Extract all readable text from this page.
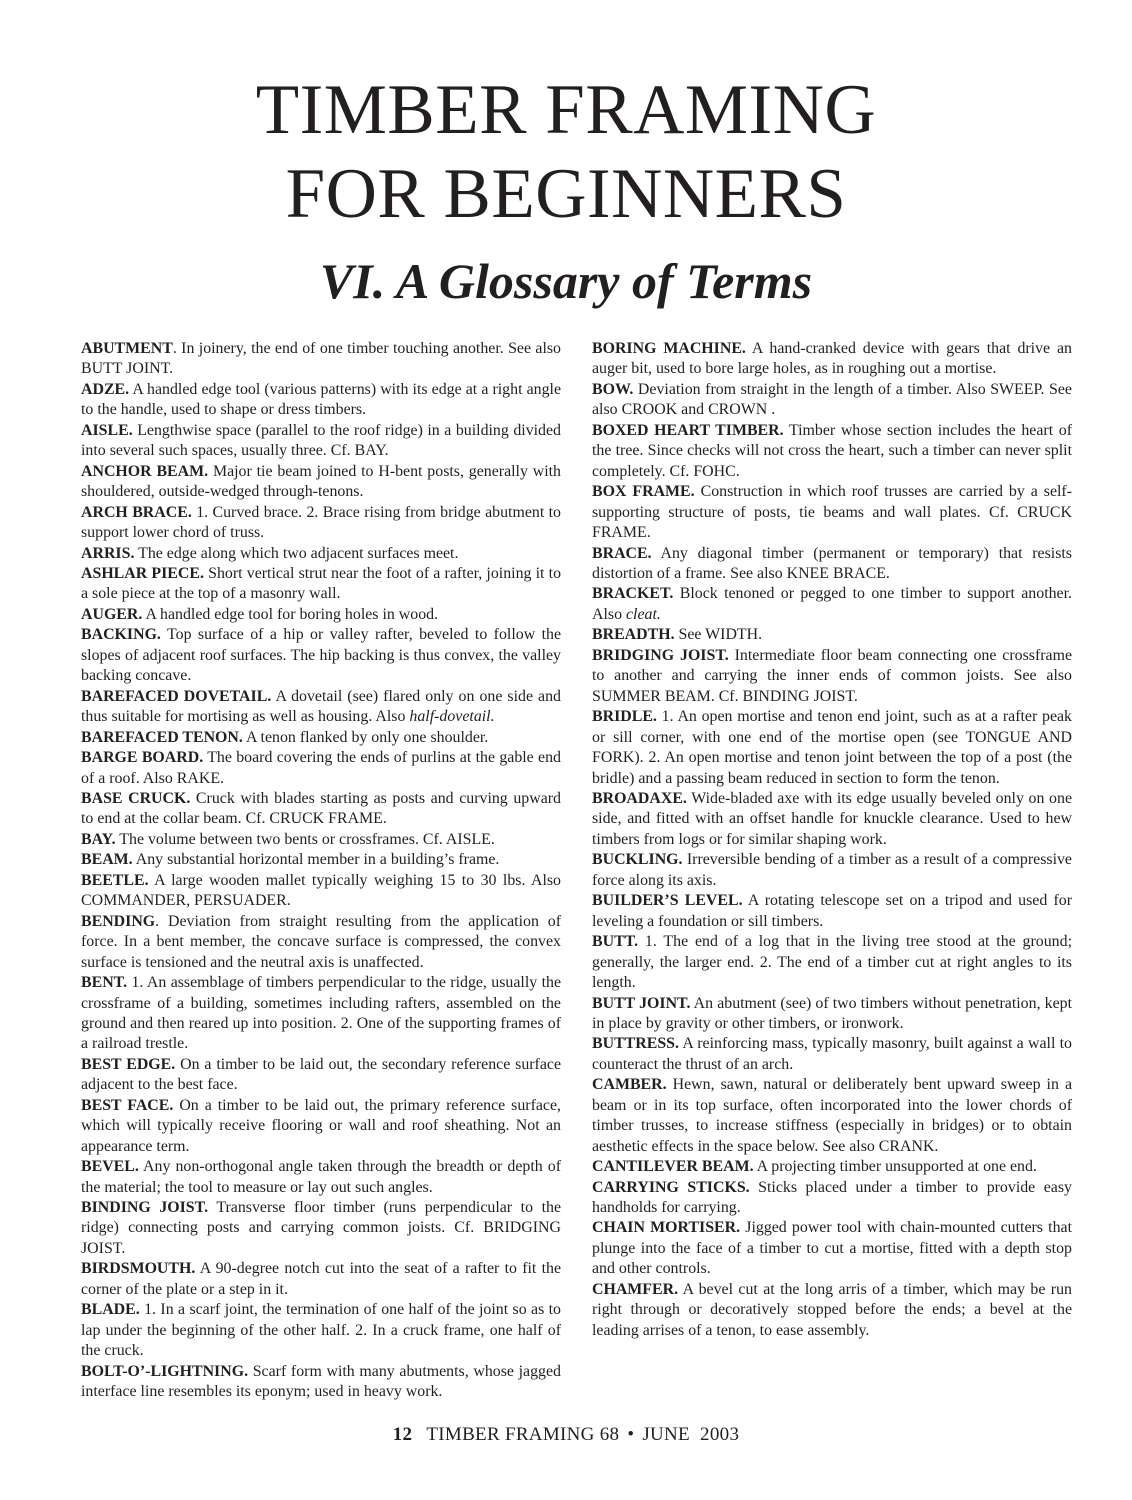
TIMBER FRAMING
FOR BEGINNERS
VI. A Glossary of Terms

ABUTMENT. In joinery, the end of one timber touching another. See also BUTT JOINT.

ADZE. A handled edge tool (various patterns) with its edge at a right angle to the handle, used to shape or dress timbers.

AISLE. Lengthwise space (parallel to the roof ridge) in a building divided into several such spaces, usually three. Cf. BAY.

ANCHOR BEAM. Major tie beam joined to H-bent posts, generally with shouldered, outside-wedged through-tenons.

ARCH BRACE. 1. Curved brace. 2. Brace rising from bridge abutment to support lower chord of truss.

ARRIS. The edge along which two adjacent surfaces meet.

ASHLAR PIECE. Short vertical strut near the foot of a rafter, joining it to a sole piece at the top of a masonry wall.

AUGER. A handled edge tool for boring holes in wood.

BACKING. Top surface of a hip or valley rafter, beveled to follow the slopes of adjacent roof surfaces. The hip backing is thus convex, the valley backing concave.

BAREFACED DOVETAIL. A dovetail (see) flared only on one side and thus suitable for mortising as well as housing. Also half-dovetail.

BAREFACED TENON. A tenon flanked by only one shoulder.

BARGE BOARD. The board covering the ends of purlins at the gable end of a roof. Also RAKE.

BASE CRUCK. Cruck with blades starting as posts and curving upward to end at the collar beam. Cf. CRUCK FRAME.

BAY. The volume between two bents or crossframes. Cf. AISLE.

BEAM. Any substantial horizontal member in a building’s frame.

BEETLE. A large wooden mallet typically weighing 15 to 30 lbs. Also COMMANDER, PERSUADER.

BENDING. Deviation from straight resulting from the application of force. In a bent member, the concave surface is compressed, the convex surface is tensioned and the neutral axis is unaffected.

BENT. 1. An assemblage of timbers perpendicular to the ridge, usually the crossframe of a building, sometimes including rafters, assembled on the ground and then reared up into position. 2. One of the supporting frames of a railroad trestle.

BEST EDGE. On a timber to be laid out, the secondary reference surface adjacent to the best face.

BEST FACE. On a timber to be laid out, the primary reference surface, which will typically receive flooring or wall and roof sheathing. Not an appearance term.

BEVEL. Any non-orthogonal angle taken through the breadth or depth of the material; the tool to measure or lay out such angles.

BINDING JOIST. Transverse floor timber (runs perpendicular to the ridge) connecting posts and carrying common joists. Cf. BRIDGING JOIST.

BIRDSMOUTH. A 90-degree notch cut into the seat of a rafter to fit the corner of the plate or a step in it.

BLADE. 1. In a scarf joint, the termination of one half of the joint so as to lap under the beginning of the other half. 2. In a cruck frame, one half of the cruck.

BOLT-O’-LIGHTNING. Scarf form with many abutments, whose jagged interface line resembles its eponym; used in heavy work.

BORING MACHINE. A hand-cranked device with gears that drive an auger bit, used to bore large holes, as in roughing out a mortise.

BOW. Deviation from straight in the length of a timber. Also SWEEP. See also CROOK and CROWN .

BOXED HEART TIMBER. Timber whose section includes the heart of the tree. Since checks will not cross the heart, such a timber can never split completely. Cf. FOHC.

BOX FRAME. Construction in which roof trusses are carried by a self-supporting structure of posts, tie beams and wall plates. Cf. CRUCK FRAME.

BRACE. Any diagonal timber (permanent or temporary) that resists distortion of a frame. See also KNEE BRACE.

BRACKET. Block tenoned or pegged to one timber to support another. Also cleat.

BREADTH. See WIDTH.

BRIDGING JOIST. Intermediate floor beam connecting one crossframe to another and carrying the inner ends of common joists. See also SUMMER BEAM. Cf. BINDING JOIST.

BRIDLE. 1. An open mortise and tenon end joint, such as at a rafter peak or sill corner, with one end of the mortise open (see TONGUE AND FORK). 2. An open mortise and tenon joint between the top of a post (the bridle) and a passing beam reduced in section to form the tenon.

BROADAXE. Wide-bladed axe with its edge usually beveled only on one side, and fitted with an offset handle for knuckle clearance. Used to hew timbers from logs or for similar shaping work.

BUCKLING. Irreversible bending of a timber as a result of a compressive force along its axis.

BUILDER’S LEVEL. A rotating telescope set on a tripod and used for leveling a foundation or sill timbers.

BUTT. 1. The end of a log that in the living tree stood at the ground; generally, the larger end. 2. The end of a timber cut at right angles to its length.

BUTT JOINT. An abutment (see) of two timbers without penetration, kept in place by gravity or other timbers, or ironwork.

BUTTRESS. A reinforcing mass, typically masonry, built against a wall to counteract the thrust of an arch.

CAMBER. Hewn, sawn, natural or deliberately bent upward sweep in a beam or in its top surface, often incorporated into the lower chords of timber trusses, to increase stiffness (especially in bridges) or to obtain aesthetic effects in the space below. See also CRANK.

CANTILEVER BEAM. A projecting timber unsupported at one end.

CARRYING STICKS. Sticks placed under a timber to provide easy handholds for carrying.

CHAIN MORTISER. Jigged power tool with chain-mounted cutters that plunge into the face of a timber to cut a mortise, fitted with a depth stop and other controls.

CHAMFER. A bevel cut at the long arris of a timber, which may be run right through or decoratively stopped before the ends; a bevel at the leading arrises of a tenon, to ease assembly.

12 TIMBER FRAMING 68 • JUNE  2003
